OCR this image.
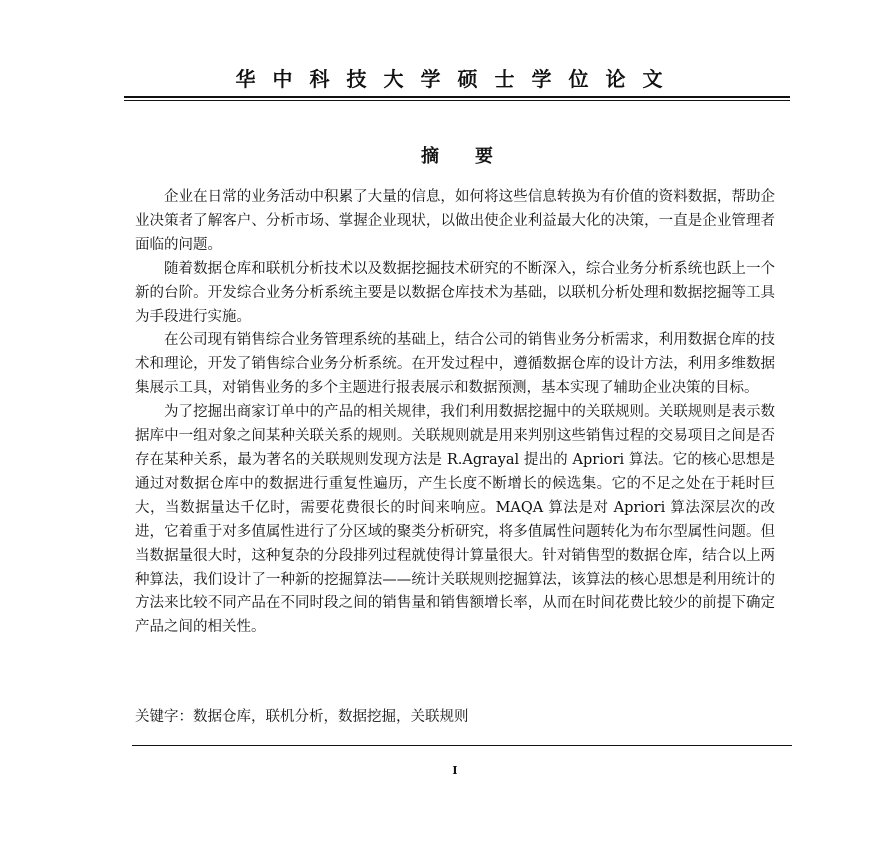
华中科技大学硕士学位论文
摘要

企业在日常的业务活动中积累了大量的信息，如何将这些信息转换为有价值的资料数据，帮助企业决策者了解客户、分析市场、掌握企业现状，以做出使企业利益最大化的决策，一直是企业管理者面临的问题。

随着数据仓库和联机分析技术以及数据挖掘技术研究的不断深入，综合业务分析系统也跃上一个新的台阶。开发综合业务分析系统主要是以数据仓库技术为基础，以联机分析处理和数据挖掘等工具为手段进行实施。

在公司现有销售综合业务管理系统的基础上，结合公司的销售业务分析需求，利用数据仓库的技术和理论，开发了销售综合业务分析系统。在开发过程中，遵循数据仓库的设计方法，利用多维数据集展示工具，对销售业务的多个主题进行报表展示和数据预测，基本实现了辅助企业决策的目标。

为了挖掘出商家订单中的产品的相关规律，我们利用数据挖掘中的关联规则。关联规则是表示数据库中一组对象之间某种关联关系的规则。关联规则就是用来判别这些销售过程的交易项目之间是否存在某种关系，最为著名的关联规则发现方法是 R.Agrayal 提出的 Apriori 算法。它的核心思想是通过对数据仓库中的数据进行重复性遍历，产生长度不断增长的候选集。它的不足之处在于耗时巨大，当数据量达千亿时，需要花费很长的时间来响应。MAQA 算法是对 Apriori 算法深层次的改进，它着重于对多值属性进行了分区域的聚类分析研究，将多值属性问题转化为布尔型属性问题。但当数据量很大时，这种复杂的分段排列过程就使得计算量很大。针对销售型的数据仓库，结合以上两种算法，我们设计了一种新的挖掘算法——统计关联规则挖掘算法，该算法的核心思想是利用统计的方法来比较不同产品在不同时段之间的销售量和销售额增长率，从而在时间花费比较少的前提下确定产品之间的相关性。

关键字：数据仓库，联机分析，数据挖掘，关联规则
I
